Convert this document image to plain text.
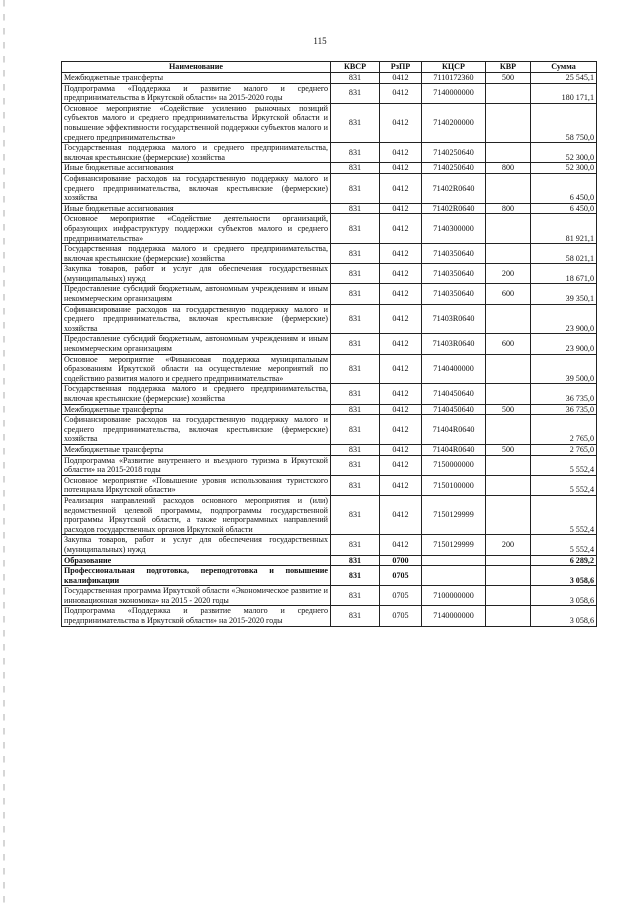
115
Наименование	КВСР	РзПР	КЦСР	КВР	Сумма
Межбюджетные трансферты	831	0412	7110172360	500	25 545,1
Подпрограмма «Поддержка и развитие малого и среднего предпринимательства в Иркутской области» на 2015-2020 годы	831	0412	7140000000		180 171,1
Основное мероприятие «Содействие усилению рыночных позиций субъектов малого и среднего предпринимательства Иркутской области и повышение эффективности государственной поддержки субъектов малого и среднего предпринимательства»	831	0412	7140200000		58 750,0
Государственная поддержка малого и среднего предпринимательства, включая крестьянские (фермерские) хозяйства	831	0412	7140250640		52 300,0
Иные бюджетные ассигнования	831	0412	7140250640	800	52 300,0
Софинансирование расходов на государственную поддержку малого и среднего предпринимательства, включая крестьянские (фермерские) хозяйства	831	0412	71402R0640		6 450,0
Иные бюджетные ассигнования	831	0412	71402R0640	800	6 450,0
Основное мероприятие «Содействие деятельности организаций, образующих инфраструктуру поддержки субъектов малого и среднего предпринимательства»	831	0412	7140300000		81 921,1
Государственная поддержка малого и среднего предпринимательства, включая крестьянские (фермерские) хозяйства	831	0412	7140350640		58 021,1
Закупка товаров, работ и услуг для обеспечения государственных (муниципальных) нужд	831	0412	7140350640	200	18 671,0
Предоставление субсидий бюджетным, автономным учреждениям и иным некоммерческим организациям	831	0412	7140350640	600	39 350,1
Софинансирование расходов на государственную поддержку малого и среднего предпринимательства, включая крестьянские (фермерские) хозяйства	831	0412	71403R0640		23 900,0
Предоставление субсидий бюджетным, автономным учреждениям и иным некоммерческим организациям	831	0412	71403R0640	600	23 900,0
Основное мероприятие «Финансовая поддержка муниципальным образованиям Иркутской области на осуществление мероприятий по содействию развития малого и среднего предпринимательства»	831	0412	7140400000		39 500,0
Государственная поддержка малого и среднего предпринимательства, включая крестьянские (фермерские) хозяйства	831	0412	7140450640		36 735,0
Межбюджетные трансферты	831	0412	7140450640	500	36 735,0
Софинансирование расходов на государственную поддержку малого и среднего предпринимательства, включая крестьянские (фермерские) хозяйства	831	0412	71404R0640		2 765,0
Межбюджетные трансферты	831	0412	71404R0640	500	2 765,0
Подпрограмма «Развитие внутреннего и въездного туризма в Иркутской области» на 2015-2018 годы	831	0412	7150000000		5 552,4
Основное мероприятие «Повышение уровня использования туристского потенциала Иркутской области»	831	0412	7150100000		5 552,4
Реализация направлений расходов основного мероприятия и (или) ведомственной целевой программы, подпрограммы государственной программы Иркутской области, а также непрограммных направлений расходов государственных органов Иркутской области	831	0412	7150129999		5 552,4
Закупка товаров, работ и услуг для обеспечения государственных (муниципальных) нужд	831	0412	7150129999	200	5 552,4
Образование	831	0700			6 289,2
Профессиональная подготовка, переподготовка и повышение квалификации	831	0705			3 058,6
Государственная программа Иркутской области «Экономическое развитие и инновационная экономика» на 2015 - 2020 годы	831	0705	7100000000		3 058,6
Подпрограмма «Поддержка и развитие малого и среднего предпринимательства в Иркутской области» на 2015-2020 годы	831	0705	7140000000		3 058,6
